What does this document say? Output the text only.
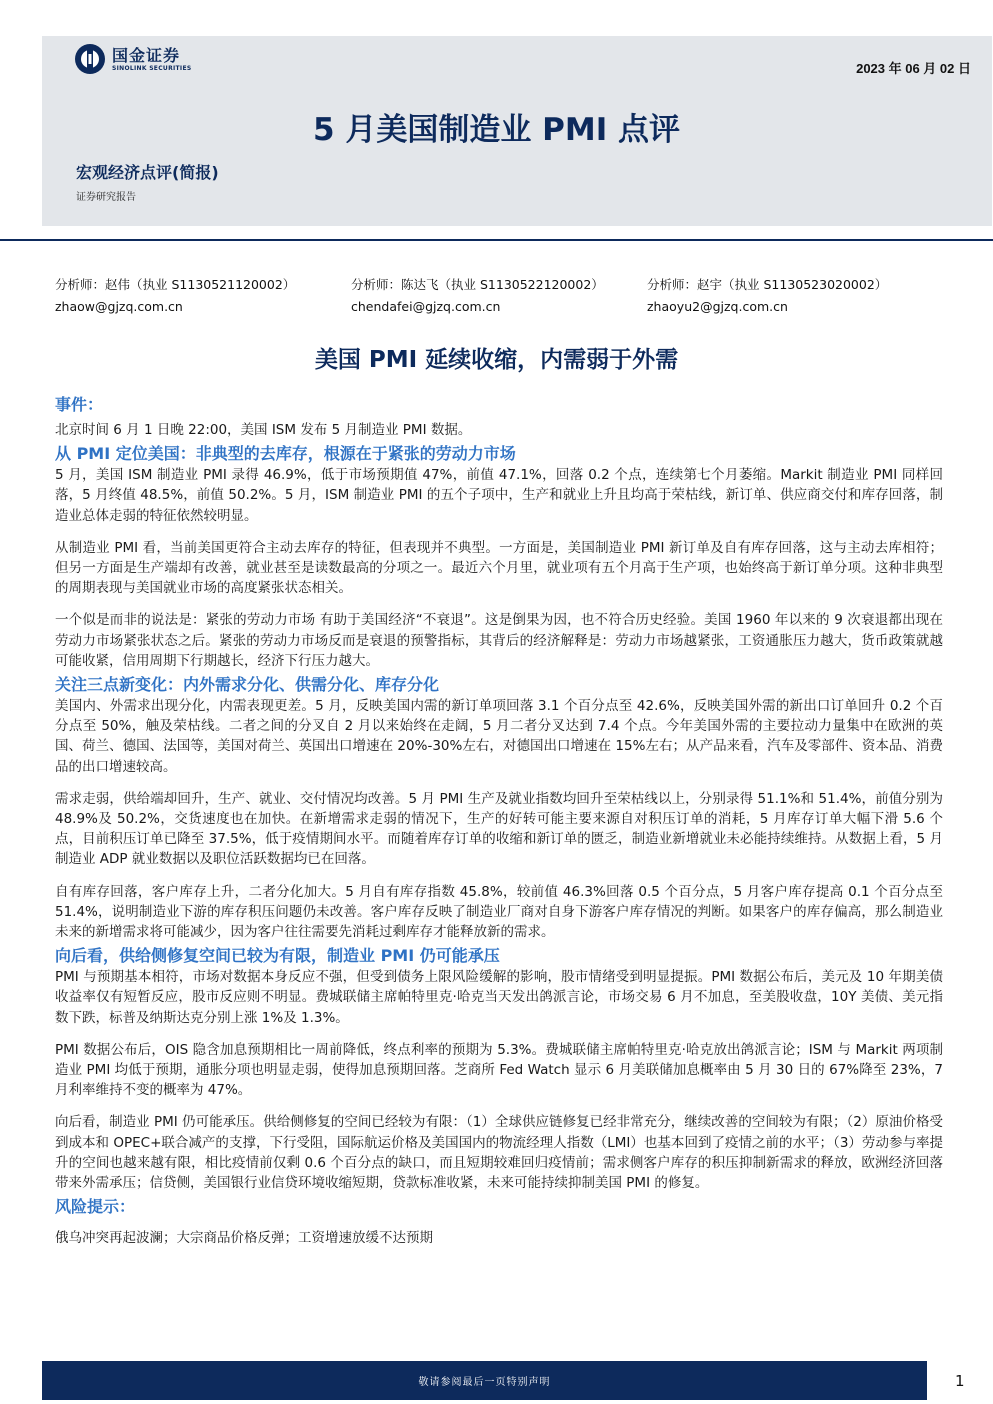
国金证券
SINOLINK SECURITIES	2023 年 06 月 02 日
5 月美国制造业 PMI 点评
宏观经济点评(简报)
证券研究报告
分析师：赵伟（执业 S1130521120002）
zhaow@gjzq.com.cn
分析师：陈达飞（执业 S1130522120002）
chendafei@gjzq.com.cn
分析师：赵宇（执业 S1130523020002）
zhaoyu2@gjzq.com.cn
美国 PMI 延续收缩，内需弱于外需
事件：

北京时间 6 月 1 日晚 22:00，美国 ISM 发布 5 月制造业 PMI 数据。

从 PMI 定位美国：非典型的去库存，根源在于紧张的劳动力市场

5 月，美国 ISM 制造业 PMI 录得 46.9%，低于市场预期值 47%，前值 47.1%，回落 0.2 个点，连续第七个月萎缩。Markit 制造业 PMI 同样回落，5 月终值 48.5%，前值 50.2%。5 月，ISM 制造业 PMI 的五个子项中，生产和就业上升且均高于荣枯线，新订单、供应商交付和库存回落，制造业总体走弱的特征依然较明显。

从制造业 PMI 看，当前美国更符合主动去库存的特征，但表现并不典型。一方面是，美国制造业 PMI 新订单及自有库存回落，这与主动去库相符；但另一方面是生产端却有改善，就业甚至是读数最高的分项之一。最近六个月里，就业项有五个月高于生产项，也始终高于新订单分项。这种非典型的周期表现与美国就业市场的高度紧张状态相关。

一个似是而非的说法是：紧张的劳动力市场 有助于美国经济“不衰退”。这是倒果为因，也不符合历史经验。美国 1960 年以来的 9 次衰退都出现在劳动力市场紧张状态之后。紧张的劳动力市场反而是衰退的预警指标，其背后的经济解释是：劳动力市场越紧张，工资通胀压力越大，货币政策就越可能收紧，信用周期下行期越长，经济下行压力越大。

关注三点新变化：内外需求分化、供需分化、库存分化

美国内、外需求出现分化，内需表现更差。5 月，反映美国内需的新订单项回落 3.1 个百分点至 42.6%，反映美国外需的新出口订单回升 0.2 个百分点至 50%，触及荣枯线。二者之间的分叉自 2 月以来始终在走阔，5 月二者分叉达到 7.4 个点。今年美国外需的主要拉动力量集中在欧洲的英国、荷兰、德国、法国等，美国对荷兰、英国出口增速在 20%-30%左右，对德国出口增速在 15%左右；从产品来看，汽车及零部件、资本品、消费品的出口增速较高。

需求走弱，供给端却回升，生产、就业、交付情况均改善。5 月 PMI 生产及就业指数均回升至荣枯线以上，分别录得 51.1%和 51.4%，前值分别为 48.9%及 50.2%，交货速度也在加快。在新增需求走弱的情况下，生产的好转可能主要来源自对积压订单的消耗，5 月库存订单大幅下滑 5.6 个点，目前积压订单已降至 37.5%，低于疫情期间水平。而随着库存订单的收缩和新订单的匮乏，制造业新增就业未必能持续维持。从数据上看，5 月制造业 ADP 就业数据以及职位活跃数据均已在回落。

自有库存回落，客户库存上升，二者分化加大。5 月自有库存指数 45.8%，较前值 46.3%回落 0.5 个百分点，5 月客户库存提高 0.1 个百分点至 51.4%，说明制造业下游的库存积压问题仍未改善。客户库存反映了制造业厂商对自身下游客户库存情况的判断。如果客户的库存偏高，那么制造业未来的新增需求将可能减少，因为客户往往需要先消耗过剩库存才能释放新的需求。

向后看，供给侧修复空间已较为有限，制造业 PMI 仍可能承压

PMI 与预期基本相符，市场对数据本身反应不强，但受到债务上限风险缓解的影响，股市情绪受到明显提振。PMI 数据公布后，美元及 10 年期美债收益率仅有短暂反应，股市反应则不明显。费城联储主席帕特里克·哈克当天发出鸽派言论，市场交易 6 月不加息，至美股收盘，10Y 美债、美元指数下跌，标普及纳斯达克分别上涨 1%及 1.3%。

PMI 数据公布后，OIS 隐含加息预期相比一周前降低，终点利率的预期为 5.3%。费城联储主席帕特里克·哈克放出鸽派言论；ISM 与 Markit 两项制造业 PMI 均低于预期，通胀分项也明显走弱，使得加息预期回落。芝商所 Fed Watch 显示 6 月美联储加息概率由 5 月 30 日的 67%降至 23%，7 月利率维持不变的概率为 47%。

向后看，制造业 PMI 仍可能承压。供给侧修复的空间已经较为有限：（1）全球供应链修复已经非常充分，继续改善的空间较为有限；（2）原油价格受到成本和 OPEC+联合减产的支撑，下行受阻，国际航运价格及美国国内的物流经理人指数（LMI）也基本回到了疫情之前的水平；（3）劳动参与率提升的空间也越来越有限，相比疫情前仅剩 0.6 个百分点的缺口，而且短期较难回归疫情前；需求侧客户库存的积压抑制新需求的释放，欧洲经济回落带来外需承压；信贷侧，美国银行业信贷环境收缩短期，贷款标准收紧，未来可能持续抑制美国 PMI 的修复。

风险提示：

俄乌冲突再起波澜；大宗商品价格反弹；工资增速放缓不达预期

敬请参阅最后一页特别声明	1
